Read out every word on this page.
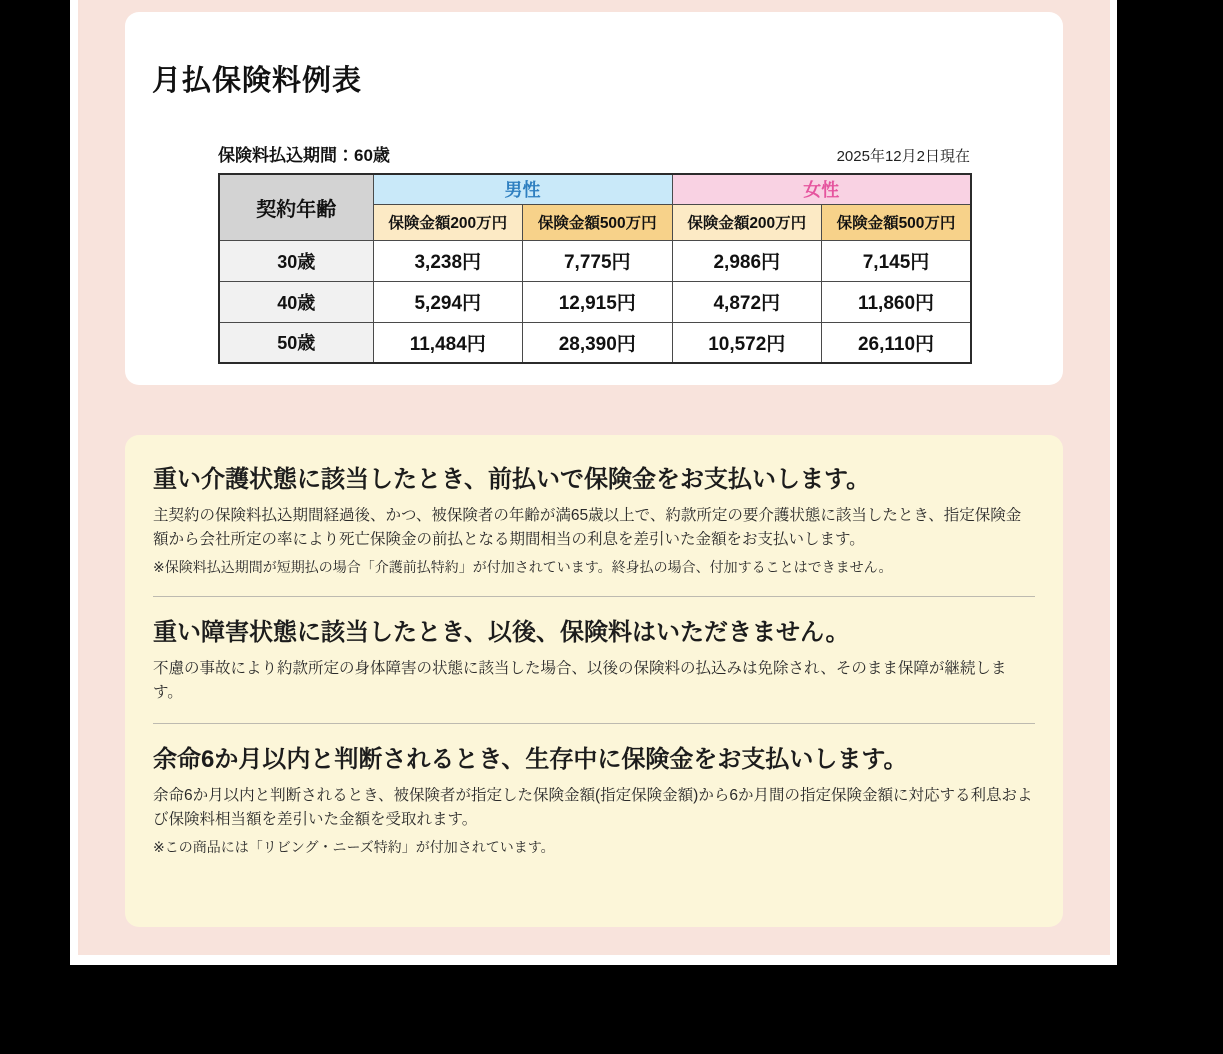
月払保険料例表
保険料払込期間：60歳	2025年12月2日現在
契約年齢	男性		女性	
	保険金額200万円	保険金額500万円	保険金額200万円	保険金額500万円
30歳	3,238円	7,775円	2,986円	7,145円
40歳	5,294円	12,915円	4,872円	11,860円
50歳	11,484円	28,390円	10,572円	26,110円
重い介護状態に該当したとき、前払いで保険金をお支払いします。

主契約の保険料払込期間経過後、かつ、被保険者の年齢が満65歳以上で、約款所定の要介護状態に該当したとき、指定保険金額から会社所定の率により死亡保険金の前払となる期間相当の利息を差引いた金額をお支払いします。

※保険料払込期間が短期払の場合「介護前払特約」が付加されています。終身払の場合、付加することはできません。

重い障害状態に該当したとき、以後、保険料はいただきません。

不慮の事故により約款所定の身体障害の状態に該当した場合、以後の保険料の払込みは免除され、そのまま保障が継続します。

余命6か月以内と判断されるとき、生存中に保険金をお支払いします。

余命6か月以内と判断されるとき、被保険者が指定した保険金額(指定保険金額)から6か月間の指定保険金額に対応する利息および保険料相当額を差引いた金額を受取れます。

※この商品には「リビング・ニーズ特約」が付加されています。
